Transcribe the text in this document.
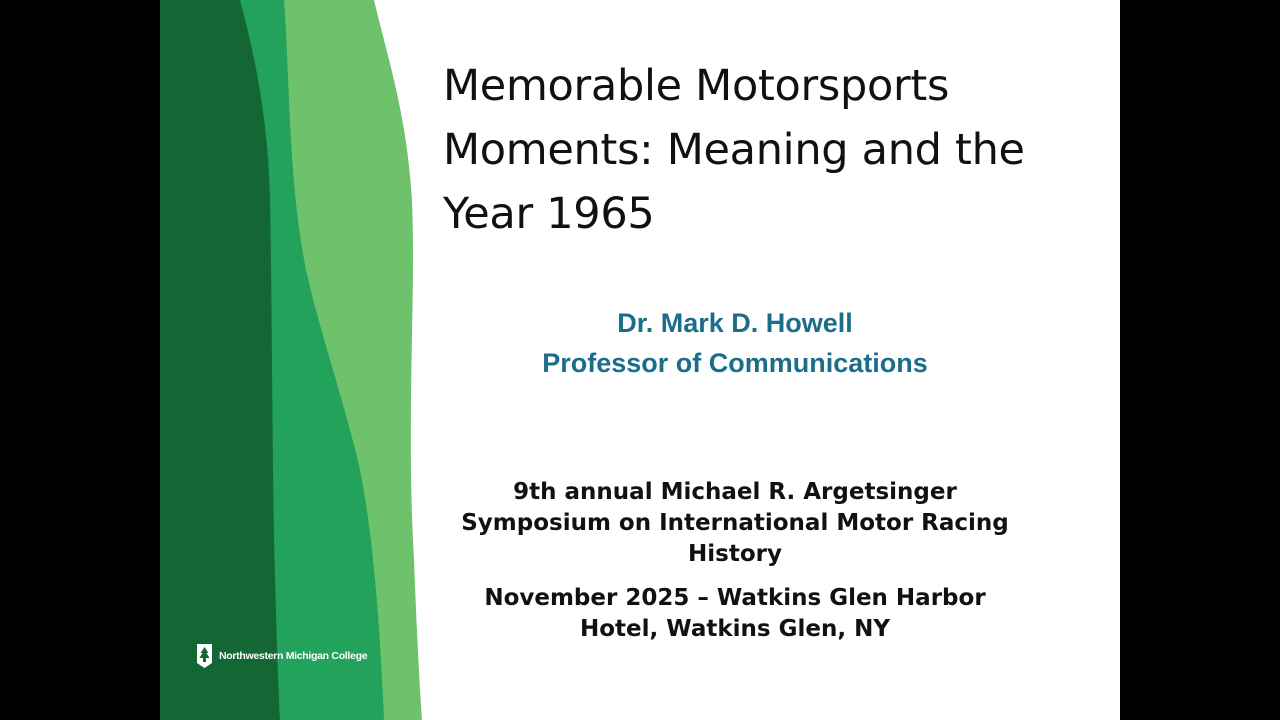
Memorable Motorsports
Moments: Meaning and the
Year 1965
Dr. Mark D. Howell
Professor of Communications
9th annual Michael R. Argetsinger Symposium on International Motor Racing History
November 2025 – Watkins Glen Harbor Hotel, Watkins Glen, NY
Northwestern Michigan College
